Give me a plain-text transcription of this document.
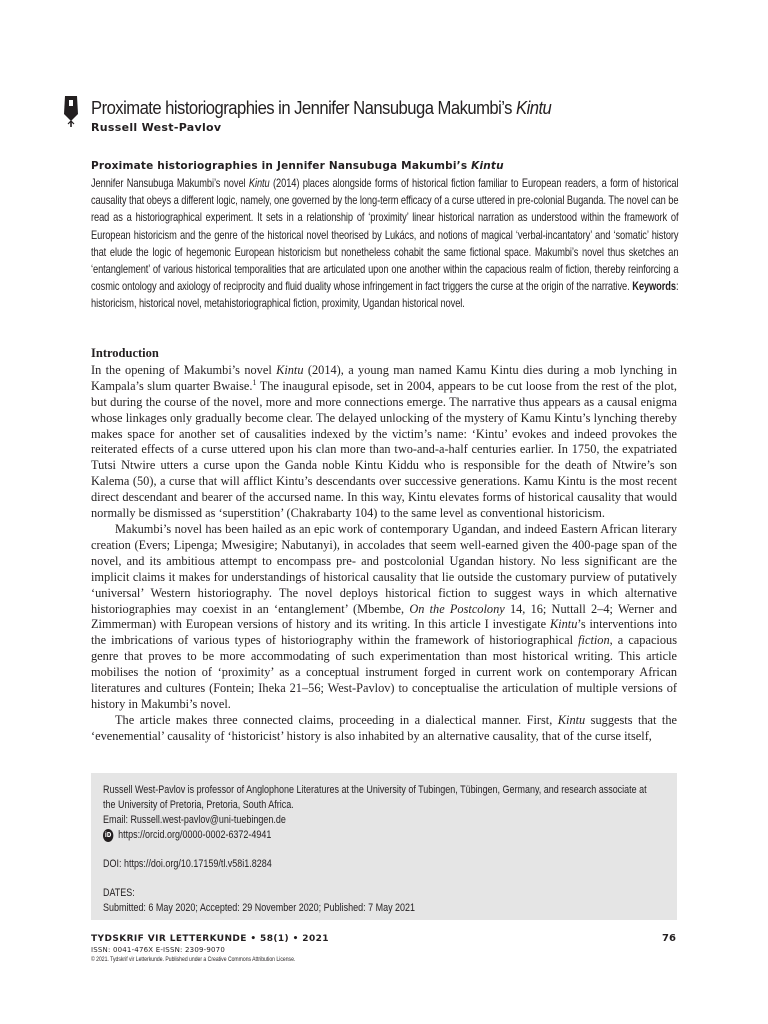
Proximate historiographies in Jennifer Nansubuga Makumbi’s Kintu
Russell West-Pavlov
Proximate historiographies in Jennifer Nansubuga Makumbi’s Kintu
Jennifer Nansubuga Makumbi’s novel Kintu (2014) places alongside forms of historical fiction familiar to European readers, a form of historical causality that obeys a different logic, namely, one governed by the long-term efficacy of a curse uttered in pre-colonial Buganda. The novel can be read as a historiographical experiment. It sets in a relationship of ‘proximity’ linear historical narration as understood within the framework of European historicism and the genre of the historical novel theorised by Lukács, and notions of magical ‘verbal-incantatory’ and ‘somatic’ history that elude the logic of hegemonic European historicism but nonetheless cohabit the same fictional space. Makumbi’s novel thus sketches an ‘entanglement’ of various historical temporalities that are articulated upon one another within the capacious realm of fiction, thereby reinforcing a cosmic ontology and axiology of reciprocity and fluid duality whose infringement in fact triggers the curse at the origin of the narrative. Keywords: historicism, historical novel, metahistoriographical fiction, proximity, Ugandan historical novel.
Introduction

In the opening of Makumbi’s novel Kintu (2014), a young man named Kamu Kintu dies during a mob lynching in Kampala’s slum quarter Bwaise.$^1$ The inaugural episode, set in 2004, appears to be cut loose from the rest of the plot, but during the course of the novel, more and more connections emerge. The narrative thus appears as a causal enigma whose linkages only gradually become clear. The delayed unlocking of the mystery of Kamu Kintu’s lynching thereby makes space for another set of causalities indexed by the victim’s name: ‘Kintu’ evokes and indeed provokes the reiterated effects of a curse uttered upon his clan more than two-and-a-half centuries earlier. In 1750, the expatriated Tutsi Ntwire utters a curse upon the Ganda noble Kintu Kiddu who is responsible for the death of Ntwire’s son Kalema (50), a curse that will afflict Kintu’s descendants over successive generations. Kamu Kintu is the most recent direct descendant and bearer of the accursed name. In this way, Kintu elevates forms of historical causality that would normally be dismissed as ‘superstition’ (Chakrabarty 104) to the same level as conventional historicism.

Makumbi’s novel has been hailed as an epic work of contemporary Ugandan, and indeed Eastern African literary creation (Evers; Lipenga; Mwesigire; Nabutanyi), in accolades that seem well-earned given the 400-page span of the novel, and its ambitious attempt to encompass pre- and postcolonial Ugandan history. No less significant are the implicit claims it makes for understandings of historical causality that lie outside the customary purview of putatively ‘universal’ Western historiography. The novel deploys historical fiction to suggest ways in which alternative historiographies may coexist in an ‘entanglement’ (Mbembe, On the Postcolony 14, 16; Nuttall 2–4; Werner and Zimmerman) with European versions of history and its writing. In this article I investigate Kintu’s interventions into the imbrications of various types of historiography within the framework of historiographical fiction, a capacious genre that proves to be more accommodating of such experimentation than most historical writing. This article mobilises the notion of ‘proximity’ as a conceptual instrument forged in current work on contemporary African literatures and cultures (Fontein; Iheka 21–56; West-Pavlov) to conceptualise the articulation of multiple versions of history in Makumbi’s novel.

The article makes three connected claims, proceeding in a dialectical manner. First, Kintu suggests that the ‘evenemential’ causality of ‘historicist’ history is also inhabited by an alternative causality, that of the curse itself,

Russell West-Pavlov is professor of Anglophone Literatures at the University of Tubingen, Tübingen, Germany, and research associate at the University of Pretoria, Pretoria, South Africa.

Email: Russell.west-pavlov@uni-tuebingen.de

iD https://orcid.org/0000-0002-6372-4941

DOI: https://doi.org/10.17159/tl.v58i1.8284

DATES:

Submitted: 6 May 2020; Accepted: 29 November 2020; Published: 7 May 2021

TYDSKRIF VIR LETTERKUNDE • 58(1) • 2021	76
ISSN: 0041-476X E-ISSN: 2309-9070
© 2021. Tydskrif vir Letterkunde. Published under a Creative Commons Attribution License.
